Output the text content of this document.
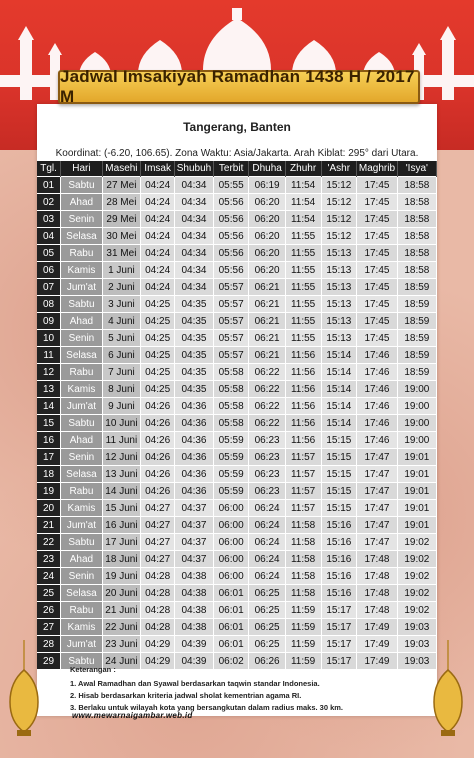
Jadwal Imsakiyah Ramadhan 1438 H / 2017 M
Tangerang, Banten
Koordinat: (-6.20, 106.65). Zona Waktu: Asia/Jakarta. Arah Kiblat: 295° dari Utara.
Tgl.	Hari	Masehi	Imsak	Shubuh	Terbit	Dhuha	Zhuhr	'Ashr	Maghrib	'Isya'
01	Sabtu	27 Mei	04:24	04:34	05:55	06:19	11:54	15:12	17:45	18:58
02	Ahad	28 Mei	04:24	04:34	05:56	06:20	11:54	15:12	17:45	18:58
03	Senin	29 Mei	04:24	04:34	05:56	06:20	11:54	15:12	17:45	18:58
04	Selasa	30 Mei	04:24	04:34	05:56	06:20	11:55	15:12	17:45	18:58
05	Rabu	31 Mei	04:24	04:34	05:56	06:20	11:55	15:13	17:45	18:58
06	Kamis	1 Juni	04:24	04:34	05:56	06:20	11:55	15:13	17:45	18:58
07	Jum'at	2 Juni	04:24	04:34	05:57	06:21	11:55	15:13	17:45	18:59
08	Sabtu	3 Juni	04:25	04:35	05:57	06:21	11:55	15:13	17:45	18:59
09	Ahad	4 Juni	04:25	04:35	05:57	06:21	11:55	15:13	17:45	18:59
10	Senin	5 Juni	04:25	04:35	05:57	06:21	11:55	15:13	17:45	18:59
11	Selasa	6 Juni	04:25	04:35	05:57	06:21	11:56	15:14	17:46	18:59
12	Rabu	7 Juni	04:25	04:35	05:58	06:22	11:56	15:14	17:46	18:59
13	Kamis	8 Juni	04:25	04:35	05:58	06:22	11:56	15:14	17:46	19:00
14	Jum'at	9 Juni	04:26	04:36	05:58	06:22	11:56	15:14	17:46	19:00
15	Sabtu	10 Juni	04:26	04:36	05:58	06:22	11:56	15:14	17:46	19:00
16	Ahad	11 Juni	04:26	04:36	05:59	06:23	11:56	15:15	17:46	19:00
17	Senin	12 Juni	04:26	04:36	05:59	06:23	11:57	15:15	17:47	19:01
18	Selasa	13 Juni	04:26	04:36	05:59	06:23	11:57	15:15	17:47	19:01
19	Rabu	14 Juni	04:26	04:36	05:59	06:23	11:57	15:15	17:47	19:01
20	Kamis	15 Juni	04:27	04:37	06:00	06:24	11:57	15:15	17:47	19:01
21	Jum'at	16 Juni	04:27	04:37	06:00	06:24	11:58	15:16	17:47	19:01
22	Sabtu	17 Juni	04:27	04:37	06:00	06:24	11:58	15:16	17:47	19:02
23	Ahad	18 Juni	04:27	04:37	06:00	06:24	11:58	15:16	17:48	19:02
24	Senin	19 Juni	04:28	04:38	06:00	06:24	11:58	15:16	17:48	19:02
25	Selasa	20 Juni	04:28	04:38	06:01	06:25	11:58	15:16	17:48	19:02
26	Rabu	21 Juni	04:28	04:38	06:01	06:25	11:59	15:17	17:48	19:02
27	Kamis	22 Juni	04:28	04:38	06:01	06:25	11:59	15:17	17:49	19:03
28	Jum'at	23 Juni	04:29	04:39	06:01	06:25	11:59	15:17	17:49	19:03
29	Sabtu	24 Juni	04:29	04:39	06:02	06:26	11:59	15:17	17:49	19:03
Keterangan :
1. Awal Ramadhan dan Syawal berdasarkan taqwin standar Indonesia.
2. Hisab berdasarkan kriteria jadwal sholat kementrian agama RI.
3. Berlaku untuk wilayah kota yang bersangkutan dalam radius maks. 30 km.
www.mewarnaigambar.web.id
